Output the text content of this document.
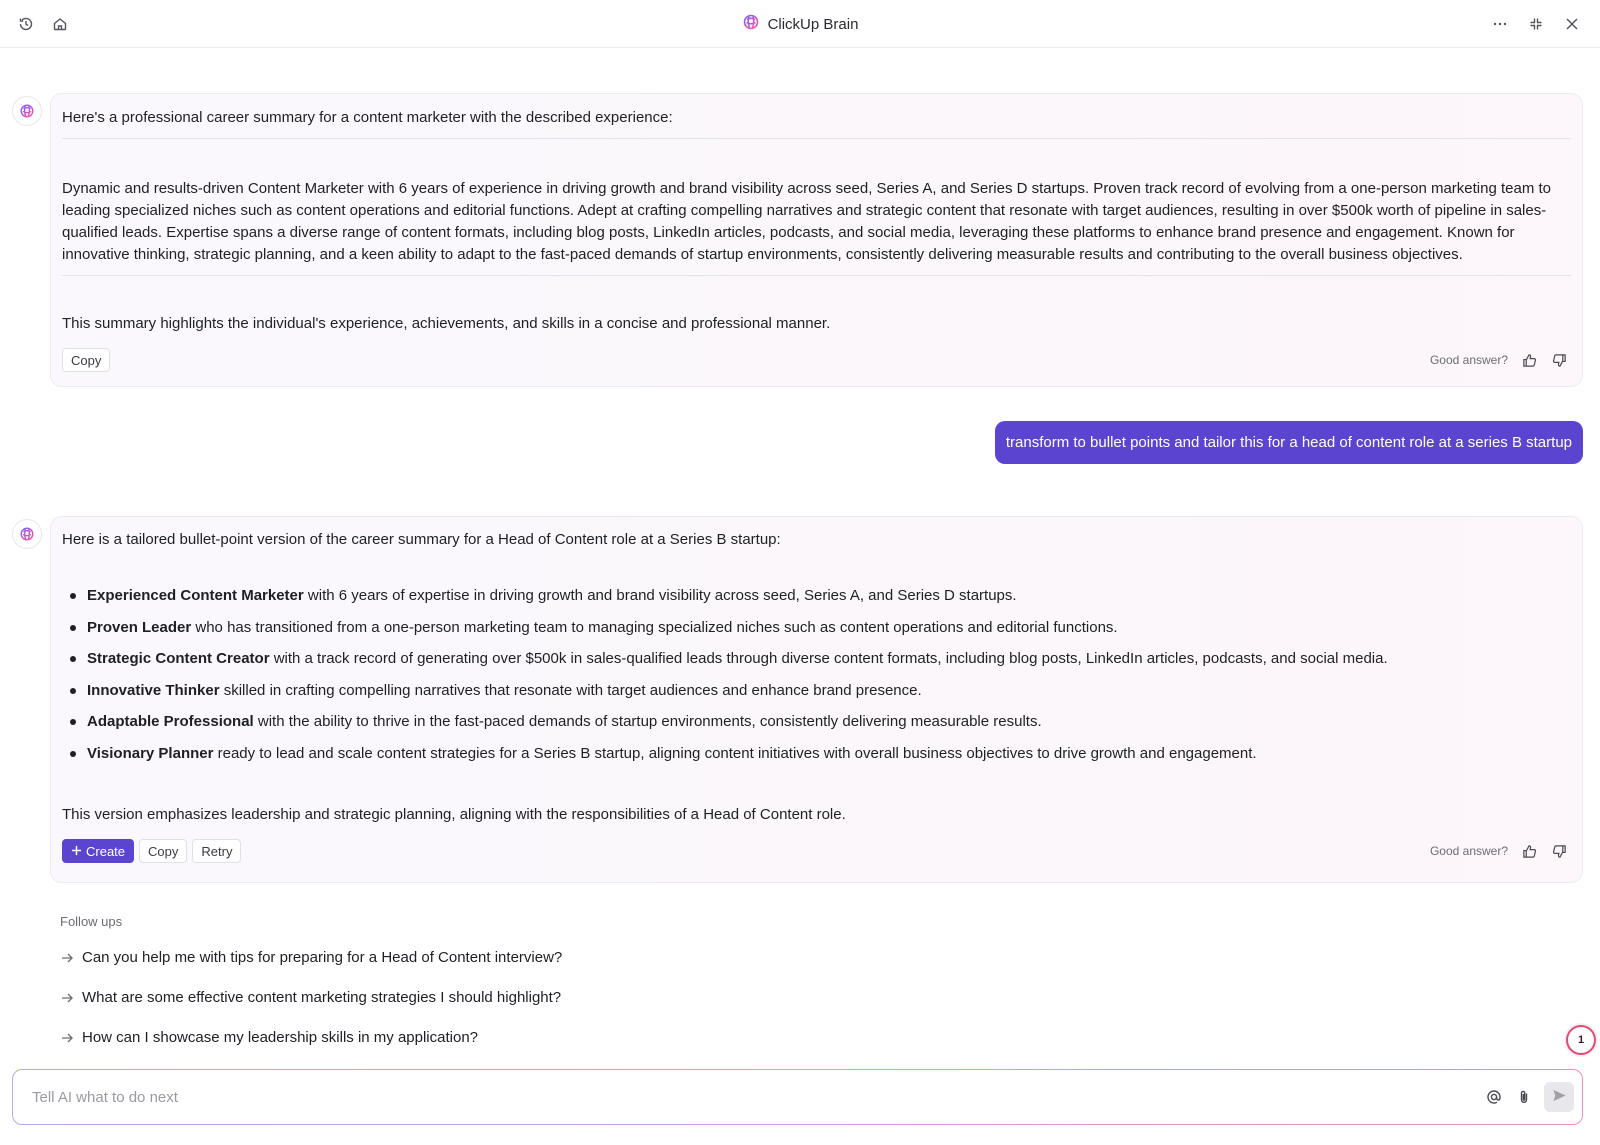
ClickUp Brain

Here's a professional career summary for a content marketer with the described experience:

Dynamic and results-driven Content Marketer with 6 years of experience in driving growth and brand visibility across seed, Series A, and Series D startups. Proven track record of evolving from a one-person marketing team to leading specialized niches such as content operations and editorial functions. Adept at crafting compelling narratives and strategic content that resonate with target audiences, resulting in over $500k worth of pipeline in sales-qualified leads. Expertise spans a diverse range of content formats, including blog posts, LinkedIn articles, podcasts, and social media, leveraging these platforms to enhance brand presence and engagement. Known for innovative thinking, strategic planning, and a keen ability to adapt to the fast-paced demands of startup environments, consistently delivering measurable results and contributing to the overall business objectives.

This summary highlights the individual's experience, achievements, and skills in a concise and professional manner.

Copy	Good answer?
transform to bullet points and tailor this for a head of content role at a series B startup

Here is a tailored bullet-point version of the career summary for a Head of Content role at a Series B startup:

Experienced Content Marketer with 6 years of expertise in driving growth and brand visibility across seed, Series A, and Series D startups.
Proven Leader who has transitioned from a one-person marketing team to managing specialized niches such as content operations and editorial functions.
Strategic Content Creator with a track record of generating over $500k in sales-qualified leads through diverse content formats, including blog posts, LinkedIn articles, podcasts, and social media.
Innovative Thinker skilled in crafting compelling narratives that resonate with target audiences and enhance brand presence.
Adaptable Professional with the ability to thrive in the fast-paced demands of startup environments, consistently delivering measurable results.
Visionary Planner ready to lead and scale content strategies for a Series B startup, aligning content initiatives with overall business objectives to drive growth and engagement.

This version emphasizes leadership and strategic planning, aligning with the responsibilities of a Head of Content role.

Create	Copy	Retry	Good answer?
Follow ups
Can you help me with tips for preparing for a Head of Content interview?
What are some effective content marketing strategies I should highlight?
How can I showcase my leadership skills in my application?	1
Tell AI what to do next
